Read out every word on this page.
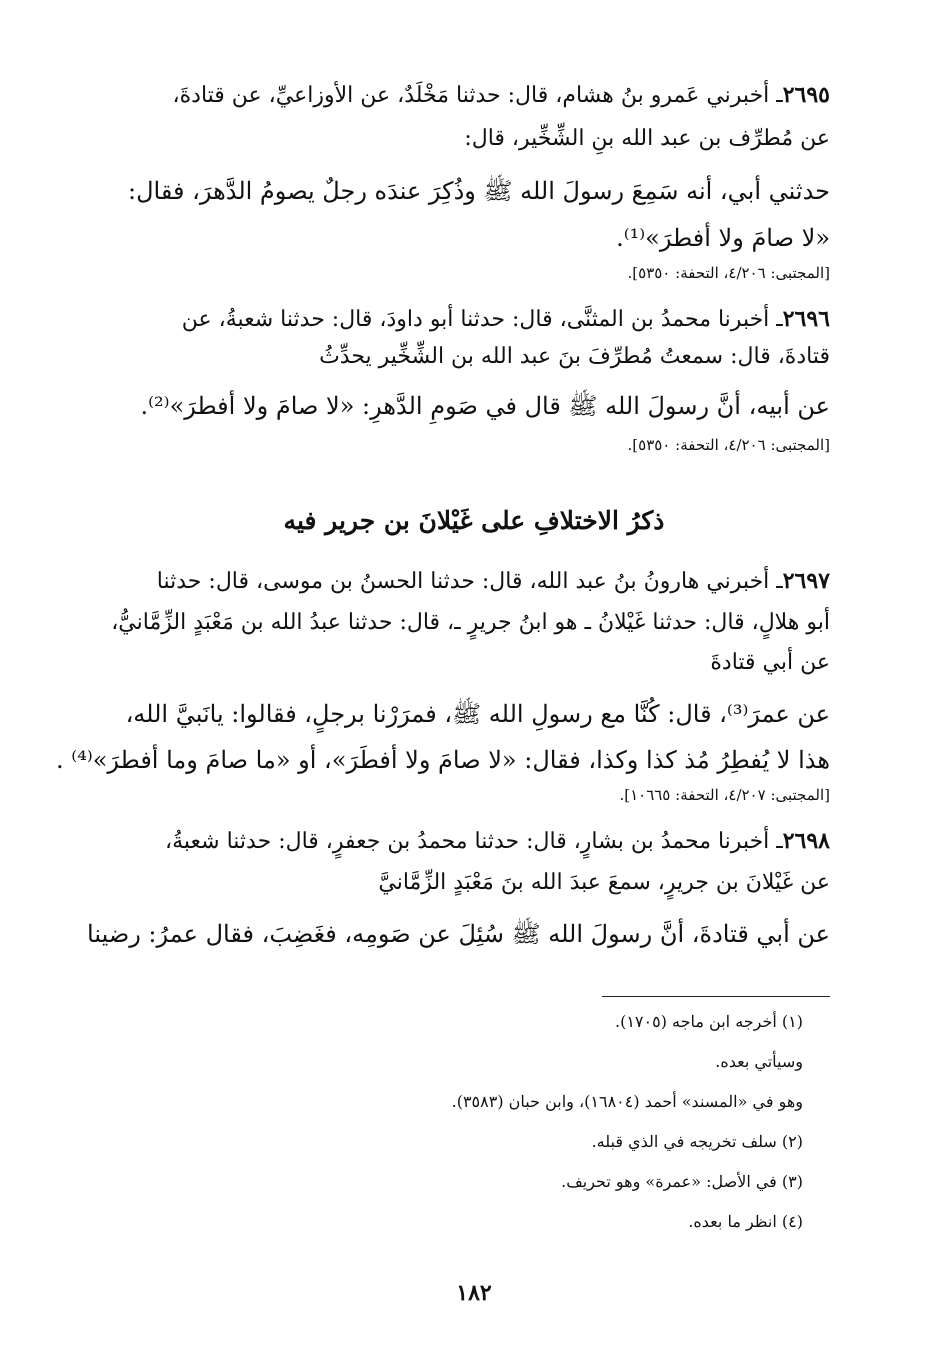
٢٦٩٥ـ أخبرني عَمرو بنُ هشام، قال: حدثنا مَخْلَدٌ، عن الأوزاعيِّ، عن قتادةَ،
عن مُطرِّف بن عبد الله بنِ الشِّخِّير، قال:
حدثني أبي، أنه سَمِعَ رسولَ الله ﷺ وذُكِرَ عندَه رجلٌ يصومُ الدَّهرَ، فقال:
«لا صامَ ولا أفطرَ»⁽¹⁾.
[المجتبى: ٤/٢٠٦، التحفة: ٥٣٥٠].
٢٦٩٦ـ أخبرنا محمدُ بن المثنَّى، قال: حدثنا أبو داودَ، قال: حدثنا شعبةُ، عن
قتادةَ، قال: سمعتُ مُطرِّفَ بنَ عبد الله بن الشِّخِّير يحدِّثُ
عن أبيه، أنَّ رسولَ الله ﷺ قال في صَومِ الدَّهرِ: «لا صامَ ولا أفطرَ»⁽²⁾.
[المجتبى: ٤/٢٠٦، التحفة: ٥٣٥٠].
ذكرُ الاختلافِ على غَيْلانَ بن جرير فيه
٢٦٩٧ـ أخبرني هارونُ بنُ عبد الله، قال: حدثنا الحسنُ بن موسى، قال: حدثنا
أبو هلالٍ، قال: حدثنا غَيْلانُ ـ هو ابنُ جريرٍ ـ، قال: حدثنا عبدُ الله بن مَعْبَدٍ الزِّمَّانيُّ،
عن أبي قتادةَ
عن عمرَ⁽³⁾، قال: كُنَّا مع رسولِ الله ﷺ، فمرَرْنا برجلٍ، فقالوا: يانَبيَّ الله،
هذا لا يُفطِرُ مُذ كذا وكذا، فقال: «لا صامَ ولا أفطَرَ»، أو «ما صامَ وما أفطرَ»⁽⁴⁾ .
[المجتبى: ٤/٢٠٧، التحفة: ١٠٦٦٥].
٢٦٩٨ـ أخبرنا محمدُ بن بشارٍ، قال: حدثنا محمدُ بن جعفرٍ، قال: حدثنا شعبةُ،
عن غَيْلانَ بن جريرٍ، سمعَ عبدَ الله بنَ مَعْبَدٍ الزِّمَّانيَّ
عن أبي قتادةَ، أنَّ رسولَ الله ﷺ سُئِلَ عن صَومِه، فغَضِبَ، فقال عمرُ: رضينا
(١) أخرجه ابن ماجه (١٧٠٥).
وسيأتي بعده.
وهو في «المسند» أحمد (١٦٨٠٤)، وابن حبان (٣٥٨٣).
(٢) سلف تخريجه في الذي قبله.
(٣) في الأصل: «عمرة» وهو تحريف.
(٤) انظر ما بعده.
١٨٢
